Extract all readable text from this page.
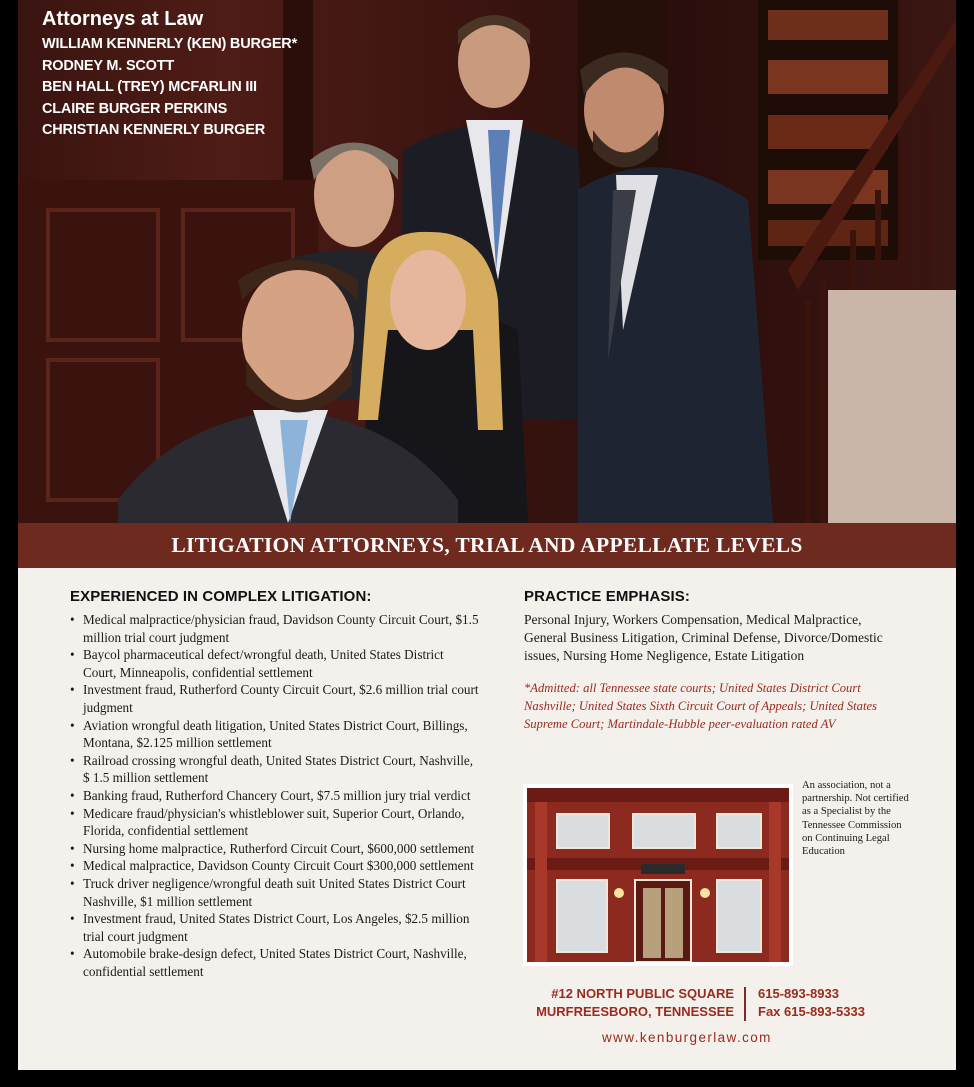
Attorneys at Law

WILLIAM KENNERLY (KEN) BURGER*
RODNEY M. SCOTT
BEN HALL (TREY) MCFARLIN III
CLAIRE BURGER PERKINS
CHRISTIAN KENNERLY BURGER
LITIGATION ATTORNEYS, TRIAL AND APPELLATE LEVELS

EXPERIENCED IN COMPLEX LITIGATION:

• Medical malpractice/physician fraud, Davidson County Circuit Court, $1.5 million trial court judgment
• Baycol pharmaceutical defect/wrongful death, United States District Court, Minneapolis, confidential settlement
• Investment fraud, Rutherford County Circuit Court, $2.6 million trial court judgment
• Aviation wrongful death litigation, United States District Court, Billings, Montana, $2.125 million settlement
• Railroad crossing wrongful death, United States District Court, Nashville, $ 1.5 million settlement
• Banking fraud, Rutherford Chancery Court, $7.5 million jury trial verdict
• Medicare fraud/physician's whistleblower suit, Superior Court, Orlando, Florida, confidential settlement
• Nursing home malpractice, Rutherford Circuit Court, $600,000 settlement
• Medical malpractice, Davidson County Circuit Court $300,000 settlement
• Truck driver negligence/wrongful death suit United States District Court Nashville, $1 million settlement
• Investment fraud, United States District Court, Los Angeles, $2.5 million trial court judgment
• Automobile brake-design defect, United States District Court, Nashville, confidential settlement

PRACTICE EMPHASIS:

Personal Injury, Workers Compensation, Medical Malpractice, General Business Litigation, Criminal Defense, Divorce/Domestic issues, Nursing Home Negligence, Estate Litigation

*Admitted: all Tennessee state courts; United States District Court Nashville; United States Sixth Circuit Court of Appeals; United States Supreme Court; Martindale-Hubble peer-evaluation rated AV

An association, not a partnership. Not certified as a Specialist by the Tennessee Commission on Continuing Legal Education
#12 NORTH PUBLIC SQUARE
MURFREESBORO, TENNESSEE
615-893-8933
Fax 615-893-5333
www.kenburgerlaw.com
